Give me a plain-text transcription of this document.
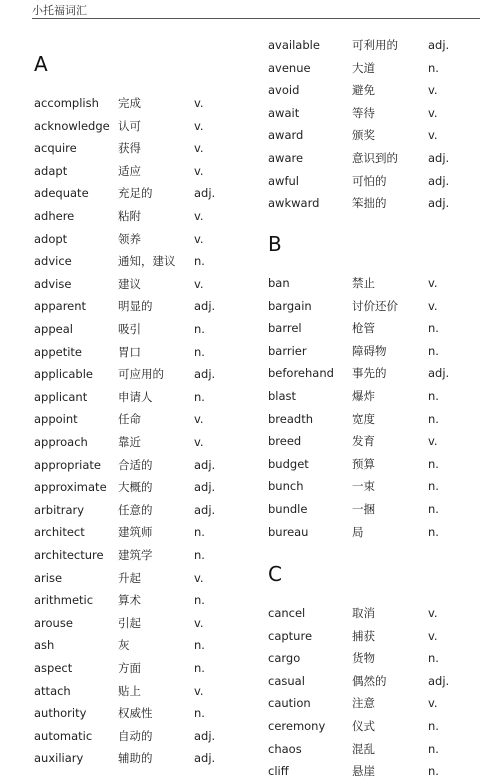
小托福词汇
A
accomplish 完成	v.
acknowledge 认可	v.
acquire	获得	v.
adapt	适应	v.
adequate	充足的	adj.
adhere	粘附	v.
adopt	领养	v.
advice	通知，建议 n.
advise	建议	v.
apparent	明显的	adj.
appeal	吸引	n.
appetite	胃口	n.
applicable 可应用的	adj.
applicant	申请人	n.
appoint	任命	v.
approach	靠近	v.
appropriate 合适的	adj.
approximate 大概的	adj.
arbitrary	任意的	adj.
architect	建筑师	n.
architecture 建筑学	n.
arise	升起	v.
arithmetic 算术	n.
arouse	引起	v.
ash	灰	n.
aspect	方面	n.
attach	贴上	v.
authority	权威性	n.
automatic 自动的	adj.
auxiliary	辅助的	adj.
available	可利用的	adj.
avenue	大道	n.
avoid	避免	v.
await	等待	v.
award	颁奖	v.
aware	意识到的	adj.
awful	可怕的	adj.
awkward	笨拙的	adj.
B
ban	禁止	v.
bargain	讨价还价	v.
barrel	枪管	n.
barrier	障碍物	n.
beforehand 事先的	adj.
blast	爆炸	n.
breadth	宽度	n.
breed	发育	v.
budget	预算	n.
bunch	一束	n.
bundle	一捆	n.
bureau	局	n.
C
cancel	取消	v.
capture	捕获	v.
cargo	货物	n.
casual	偶然的	adj.
caution	注意	v.
ceremony 仪式	n.
chaos	混乱	n.
cliff	悬崖	n.
